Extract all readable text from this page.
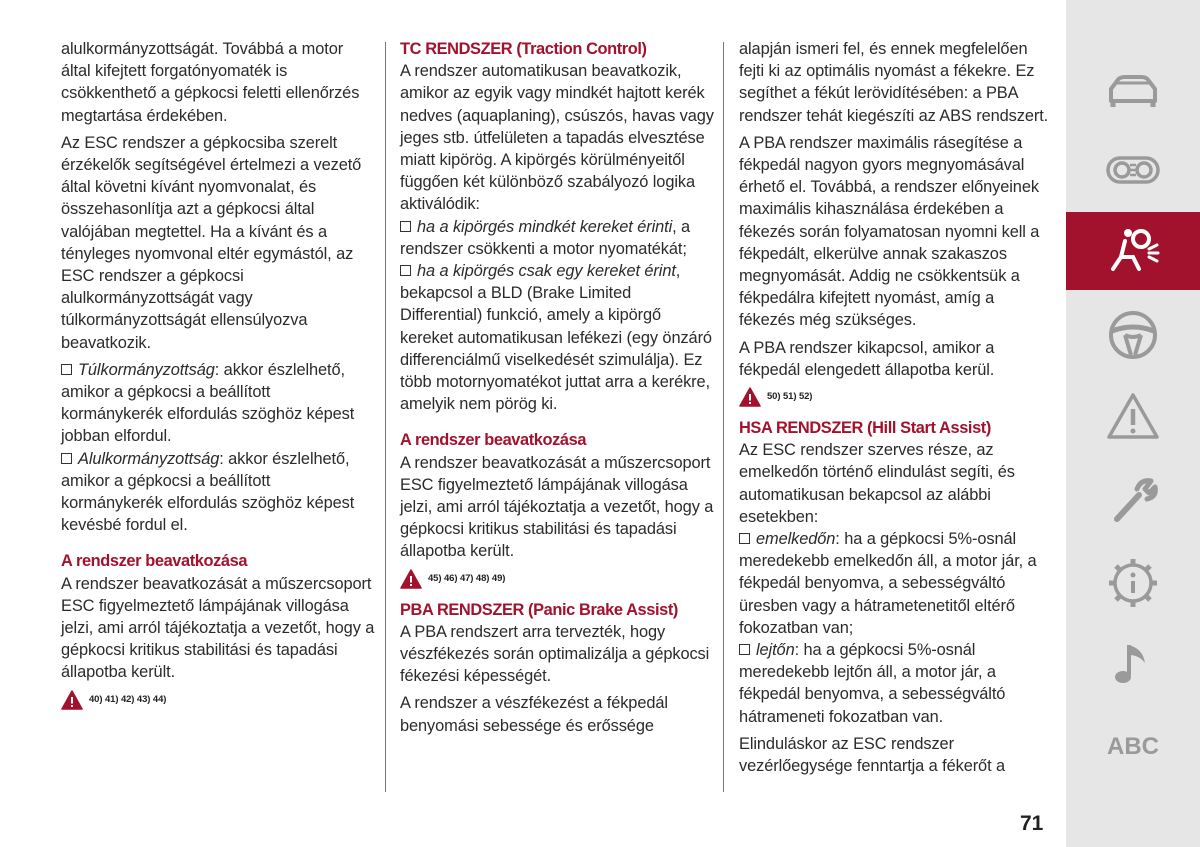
alulkormányzottságát. Továbbá a motor által kifejtett forgatónyomaték is csökkenthető a gépkocsi feletti ellenőrzés megtartása érdekében.

Az ESC rendszer a gépkocsiba szerelt érzékelők segítségével értelmezi a vezető által követni kívánt nyomvonalat, és összehasonlítja azt a gépkocsi által valójában megtettel. Ha a kívánt és a tényleges nyomvonal eltér egymástól, az ESC rendszer a gépkocsi alulkormányzottságát vagy túlkormányzottságát ellensúlyozva beavatkozik.

Túlkormányzottság: akkor észlelhető, amikor a gépkocsi a beállított kormánykerék elfordulás szöghöz képest jobban elfordul.

Alulkormányzottság: akkor észlelhető, amikor a gépkocsi a beállított kormánykerék elfordulás szöghöz képest kevésbé fordul el.

A rendszer beavatkozása

A rendszer beavatkozását a műszercsoport ESC figyelmeztető lámpájának villogása jelzi, ami arról tájékoztatja a vezetőt, hogy a gépkocsi kritikus stabilitási és tapadási állapotba került.

40) 41) 42) 43) 44)

TC RENDSZER (Traction Control)

A rendszer automatikusan beavatkozik, amikor az egyik vagy mindkét hajtott kerék nedves (aquaplaning), csúszós, havas vagy jeges stb. útfelületen a tapadás elvesztése miatt kipörög. A kipörgés körülményeitől függően két különböző szabályozó logika aktiválódik:

ha a kipörgés mindkét kereket érinti, a rendszer csökkenti a motor nyomatékát;

ha a kipörgés csak egy kereket érint, bekapcsol a BLD (Brake Limited Differential) funkció, amely a kipörgő kereket automatikusan lefékezi (egy önzáró differenciálmű viselkedését szimulálja). Ez több motornyomatékot juttat arra a kerékre, amelyik nem pörög ki.

A rendszer beavatkozása

A rendszer beavatkozását a műszercsoport ESC figyelmeztető lámpájának villogása jelzi, ami arról tájékoztatja a vezetőt, hogy a gépkocsi kritikus stabilitási és tapadási állapotba került.

45) 46) 47) 48) 49)

PBA RENDSZER (Panic Brake Assist)

A PBA rendszert arra tervezték, hogy vészfékezés során optimalizálja a gépkocsi fékezési képességét.

A rendszer a vészfékezést a fékpedál benyomási sebessége és erőssége

alapján ismeri fel, és ennek megfelelően fejti ki az optimális nyomást a fékekre. Ez segíthet a fékút lerövidítésében: a PBA rendszer tehát kiegészíti az ABS rendszert.

A PBA rendszer maximális rásegítése a fékpedál nagyon gyors megnyomásával érhető el. Továbbá, a rendszer előnyeinek maximális kihasználása érdekében a fékezés során folyamatosan nyomni kell a fékpedált, elkerülve annak szakaszos megnyomását. Addig ne csökkentsük a fékpedálra kifejtett nyomást, amíg a fékezés még szükséges.

A PBA rendszer kikapcsol, amikor a fékpedál elengedett állapotba kerül.

50) 51) 52)

HSA RENDSZER (Hill Start Assist)

Az ESC rendszer szerves része, az emelkedőn történő elindulást segíti, és automatikusan bekapcsol az alábbi esetekben:

emelkedőn: ha a gépkocsi 5%-osnál meredekebb emelkedőn áll, a motor jár, a fékpedál benyomva, a sebességváltó üresben vagy a hátrametenetitől eltérő fokozatban van;

lejtőn: ha a gépkocsi 5%-osnál meredekebb lejtőn áll, a motor jár, a fékpedál benyomva, a sebességváltó hátrameneti fokozatban van.

Elinduláskor az ESC rendszer vezérlőegysége fenntartja a fékerőt a

71
ABC
